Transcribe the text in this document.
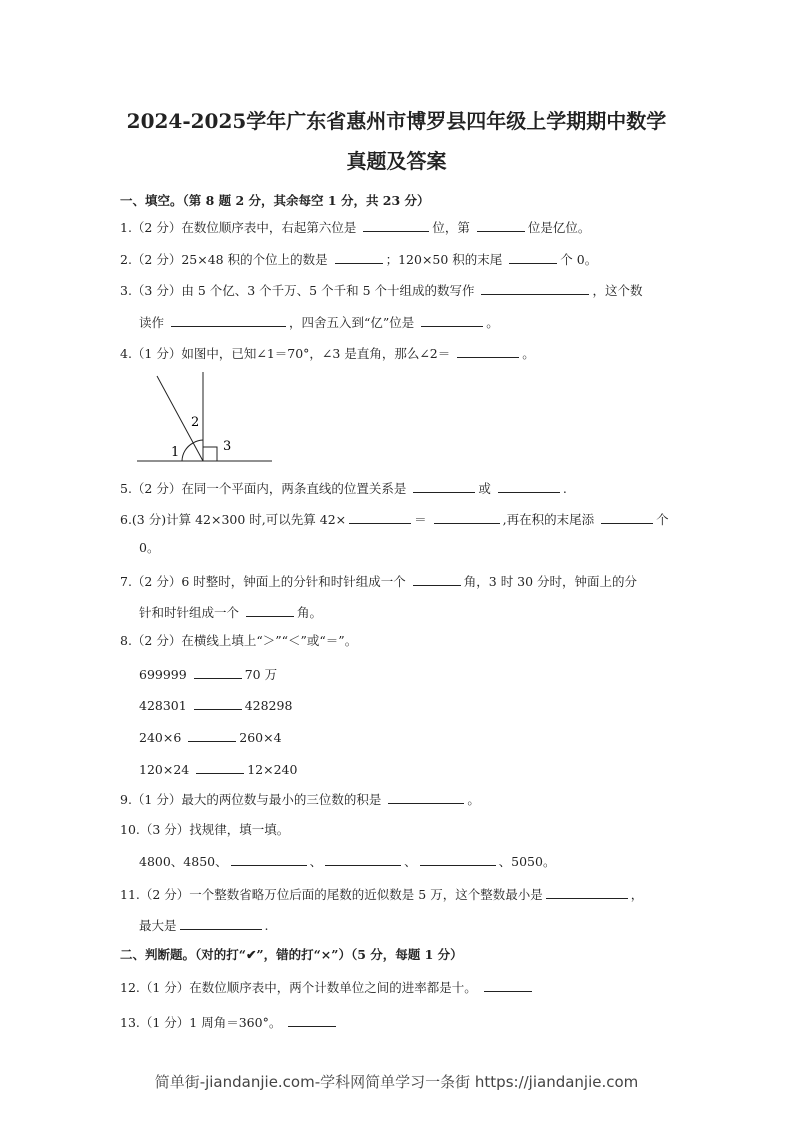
2024-2025学年广东省惠州市博罗县四年级上学期期中数学
真题及答案
一、填空。（第 8 题 2 分，其余每空 1 分，共 23 分）
1.（2 分）在数位顺序表中，右起第六位是	位，第	位是亿位。
2.（2 分）25×48 积的个位上的数是	；120×50 积的末尾	个 0。
3.（3 分）由 5 个亿、3 个千万、5 个千和 5 个十组成的数写作	，这个数
读作	，四舍五入到“亿”位是	。
4.（1 分）如图中，已知∠1＝70°，∠3 是直角，那么∠2＝	。
5.（2 分）在同一个平面内，两条直线的位置关系是	或	.
6.(3 分)计算 42×300 时,可以先算 42×	＝	,再在积的末尾添	个
0。
7.（2 分）6 时整时，钟面上的分针和时针组成一个	角，3 时 30 分时，钟面上的分
针和时针组成一个	角。
8.（2 分）在横线上填上“＞”“＜”或“＝”。
699999	70 万
428301	428298
240×6	260×4
120×24	12×240
9.（1 分）最大的两位数与最小的三位数的积是	。
10.（3 分）找规律，填一填。
4800、4850、	、	、	、5050。
11.（2 分）一个整数省略万位后面的尾数的近似数是 5 万，这个整数最小是	，
最大是	.
二、判断题。（对的打“✔”，错的打“×”）（5 分，每题 1 分）
12.（1 分）在数位顺序表中，两个计数单位之间的进率都是十。
13.（1 分）1 周角＝360°。
1
2
3
简单街-jiandanjie.com-学科网简单学习一条街 https://jiandanjie.com
